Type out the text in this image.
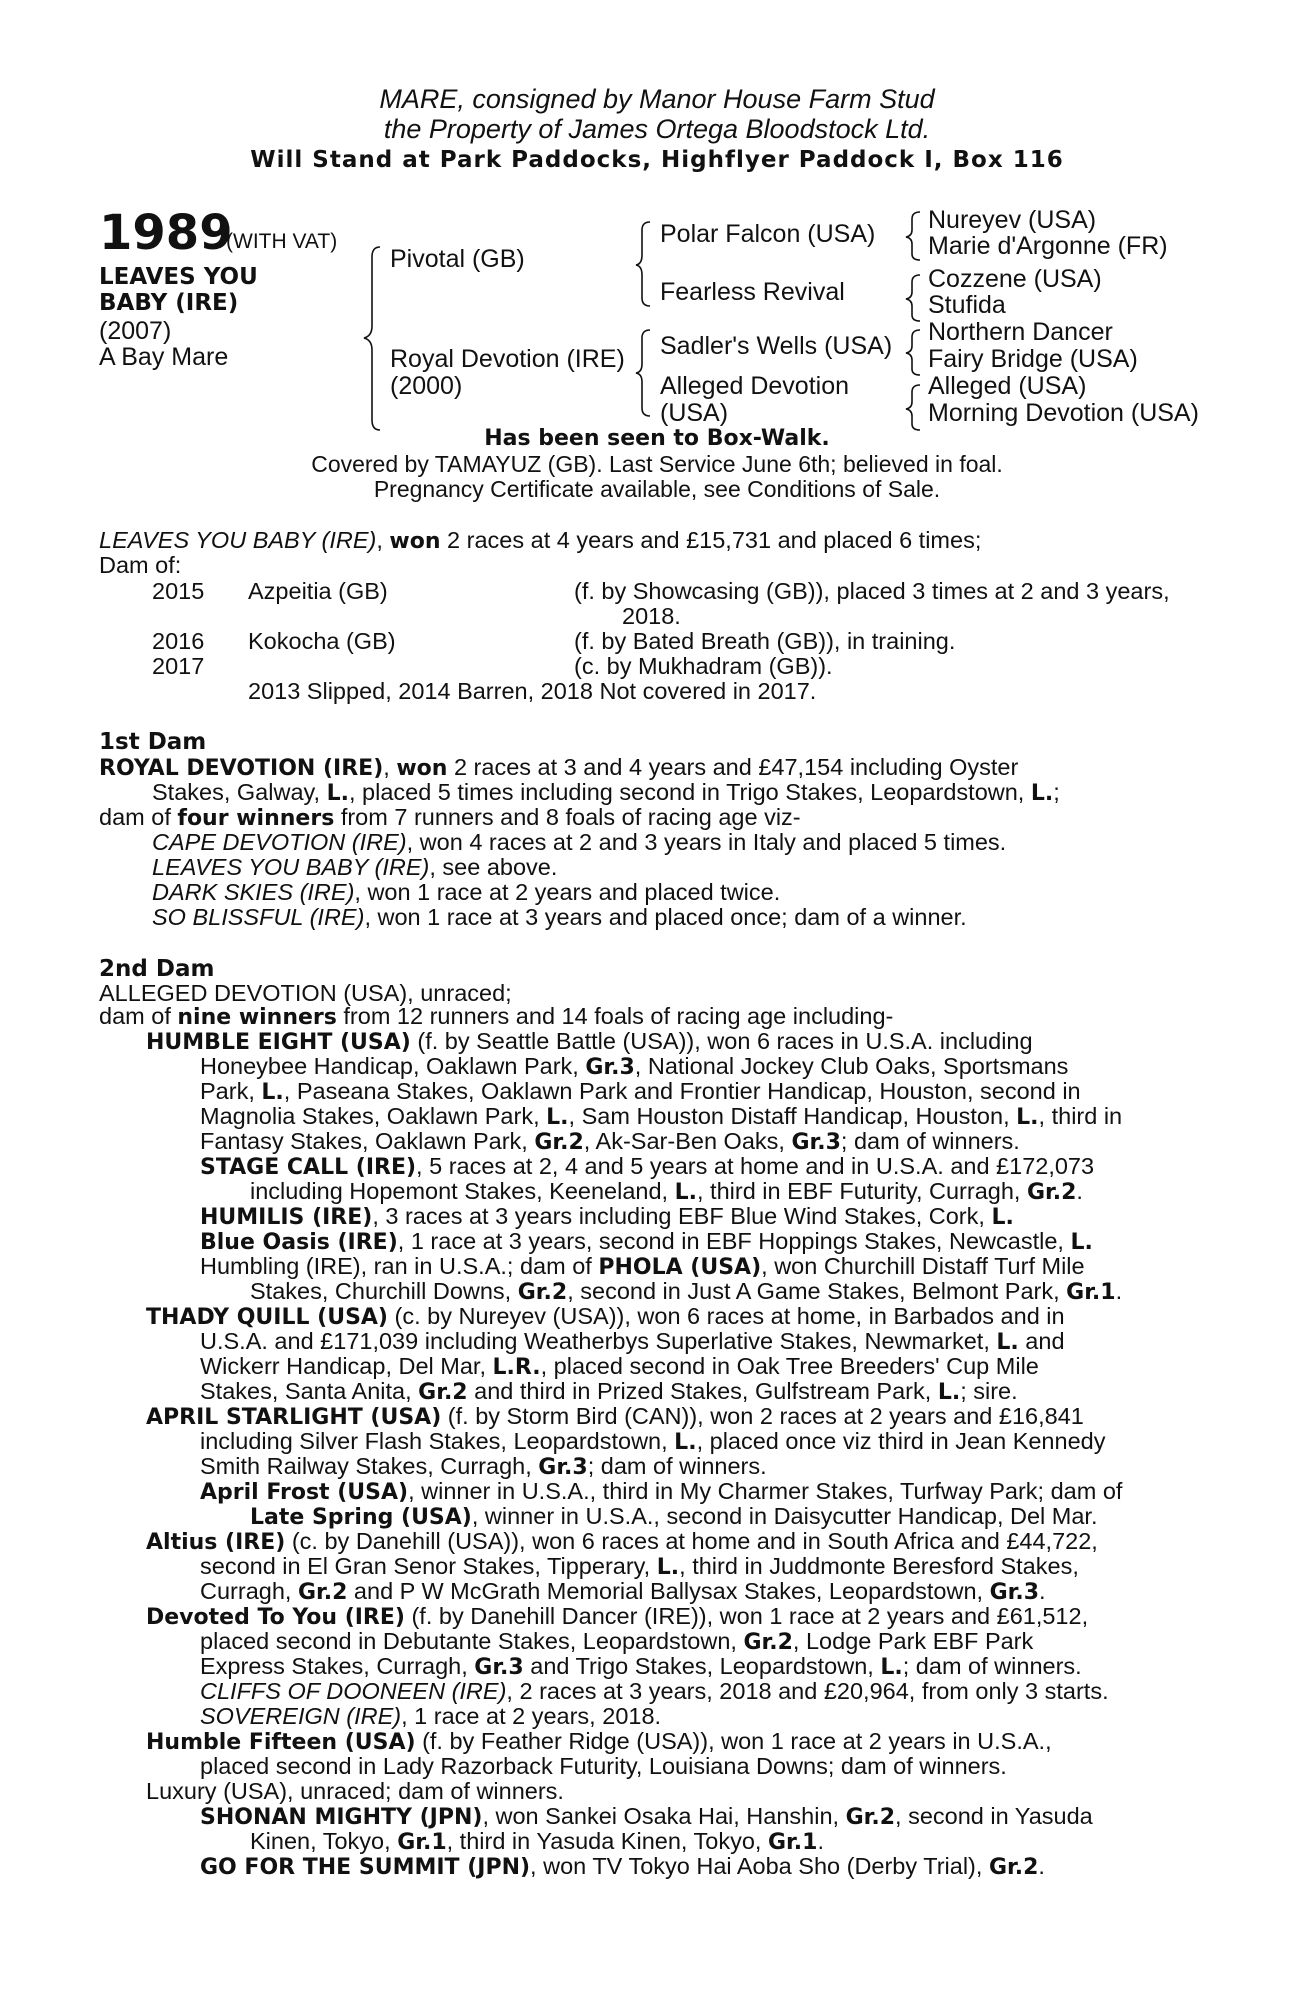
MARE, consigned by Manor House Farm Stud
the Property of James Ortega Bloodstock Ltd.
Will Stand at Park Paddocks, Highflyer Paddock I, Box 116
1989
(WITH VAT)
LEAVES YOU
BABY (IRE)
(2007)
A Bay Mare
Pivotal (GB)
Royal Devotion (IRE)
(2000)
Polar Falcon (USA)
Fearless Revival
Sadler's Wells (USA)
Alleged Devotion
(USA)
Nureyev (USA)
Marie d'Argonne (FR)
Cozzene (USA)
Stufida
Northern Dancer
Fairy Bridge (USA)
Alleged (USA)
Morning Devotion (USA)
Has been seen to Box-Walk.
Covered by TAMAYUZ (GB). Last Service June 6th; believed in foal.
Pregnancy Certificate available, see Conditions of Sale.
LEAVES YOU BABY (IRE), won 2 races at 4 years and £15,731 and placed 6 times;
Dam of:
2015 Azpeitia (GB)	(f. by Showcasing (GB)), placed 3 times at 2 and 3 years,
2018.
2016 Kokocha (GB)	(f. by Bated Breath (GB)), in training.
2017	(c. by Mukhadram (GB)).
2013 Slipped, 2014 Barren, 2018 Not covered in 2017.
1st Dam
ROYAL DEVOTION (IRE), won 2 races at 3 and 4 years and £47,154 including Oyster
Stakes, Galway, L., placed 5 times including second in Trigo Stakes, Leopardstown, L.;
dam of four winners from 7 runners and 8 foals of racing age viz-
CAPE DEVOTION (IRE), won 4 races at 2 and 3 years in Italy and placed 5 times.
LEAVES YOU BABY (IRE), see above.
DARK SKIES (IRE), won 1 race at 2 years and placed twice.
SO BLISSFUL (IRE), won 1 race at 3 years and placed once; dam of a winner.
2nd Dam
ALLEGED DEVOTION (USA), unraced;
dam of nine winners from 12 runners and 14 foals of racing age including-
HUMBLE EIGHT (USA) (f. by Seattle Battle (USA)), won 6 races in U.S.A. including
Honeybee Handicap, Oaklawn Park, Gr.3, National Jockey Club Oaks, Sportsmans
Park, L., Paseana Stakes, Oaklawn Park and Frontier Handicap, Houston, second in
Magnolia Stakes, Oaklawn Park, L., Sam Houston Distaff Handicap, Houston, L., third in
Fantasy Stakes, Oaklawn Park, Gr.2, Ak-Sar-Ben Oaks, Gr.3; dam of winners.
STAGE CALL (IRE), 5 races at 2, 4 and 5 years at home and in U.S.A. and £172,073
including Hopemont Stakes, Keeneland, L., third in EBF Futurity, Curragh, Gr.2.
HUMILIS (IRE), 3 races at 3 years including EBF Blue Wind Stakes, Cork, L.
Blue Oasis (IRE), 1 race at 3 years, second in EBF Hoppings Stakes, Newcastle, L.
Humbling (IRE), ran in U.S.A.; dam of PHOLA (USA), won Churchill Distaff Turf Mile
Stakes, Churchill Downs, Gr.2, second in Just A Game Stakes, Belmont Park, Gr.1.
THADY QUILL (USA) (c. by Nureyev (USA)), won 6 races at home, in Barbados and in
U.S.A. and £171,039 including Weatherbys Superlative Stakes, Newmarket, L. and
Wickerr Handicap, Del Mar, L.R., placed second in Oak Tree Breeders' Cup Mile
Stakes, Santa Anita, Gr.2 and third in Prized Stakes, Gulfstream Park, L.; sire.
APRIL STARLIGHT (USA) (f. by Storm Bird (CAN)), won 2 races at 2 years and £16,841
including Silver Flash Stakes, Leopardstown, L., placed once viz third in Jean Kennedy
Smith Railway Stakes, Curragh, Gr.3; dam of winners.
April Frost (USA), winner in U.S.A., third in My Charmer Stakes, Turfway Park; dam of
Late Spring (USA), winner in U.S.A., second in Daisycutter Handicap, Del Mar.
Altius (IRE) (c. by Danehill (USA)), won 6 races at home and in South Africa and £44,722,
second in El Gran Senor Stakes, Tipperary, L., third in Juddmonte Beresford Stakes,
Curragh, Gr.2 and P W McGrath Memorial Ballysax Stakes, Leopardstown, Gr.3.
Devoted To You (IRE) (f. by Danehill Dancer (IRE)), won 1 race at 2 years and £61,512,
placed second in Debutante Stakes, Leopardstown, Gr.2, Lodge Park EBF Park
Express Stakes, Curragh, Gr.3 and Trigo Stakes, Leopardstown, L.; dam of winners.
CLIFFS OF DOONEEN (IRE), 2 races at 3 years, 2018 and £20,964, from only 3 starts.
SOVEREIGN (IRE), 1 race at 2 years, 2018.
Humble Fifteen (USA) (f. by Feather Ridge (USA)), won 1 race at 2 years in U.S.A.,
placed second in Lady Razorback Futurity, Louisiana Downs; dam of winners.
Luxury (USA), unraced; dam of winners.
SHONAN MIGHTY (JPN), won Sankei Osaka Hai, Hanshin, Gr.2, second in Yasuda
Kinen, Tokyo, Gr.1, third in Yasuda Kinen, Tokyo, Gr.1.
GO FOR THE SUMMIT (JPN), won TV Tokyo Hai Aoba Sho (Derby Trial), Gr.2.
